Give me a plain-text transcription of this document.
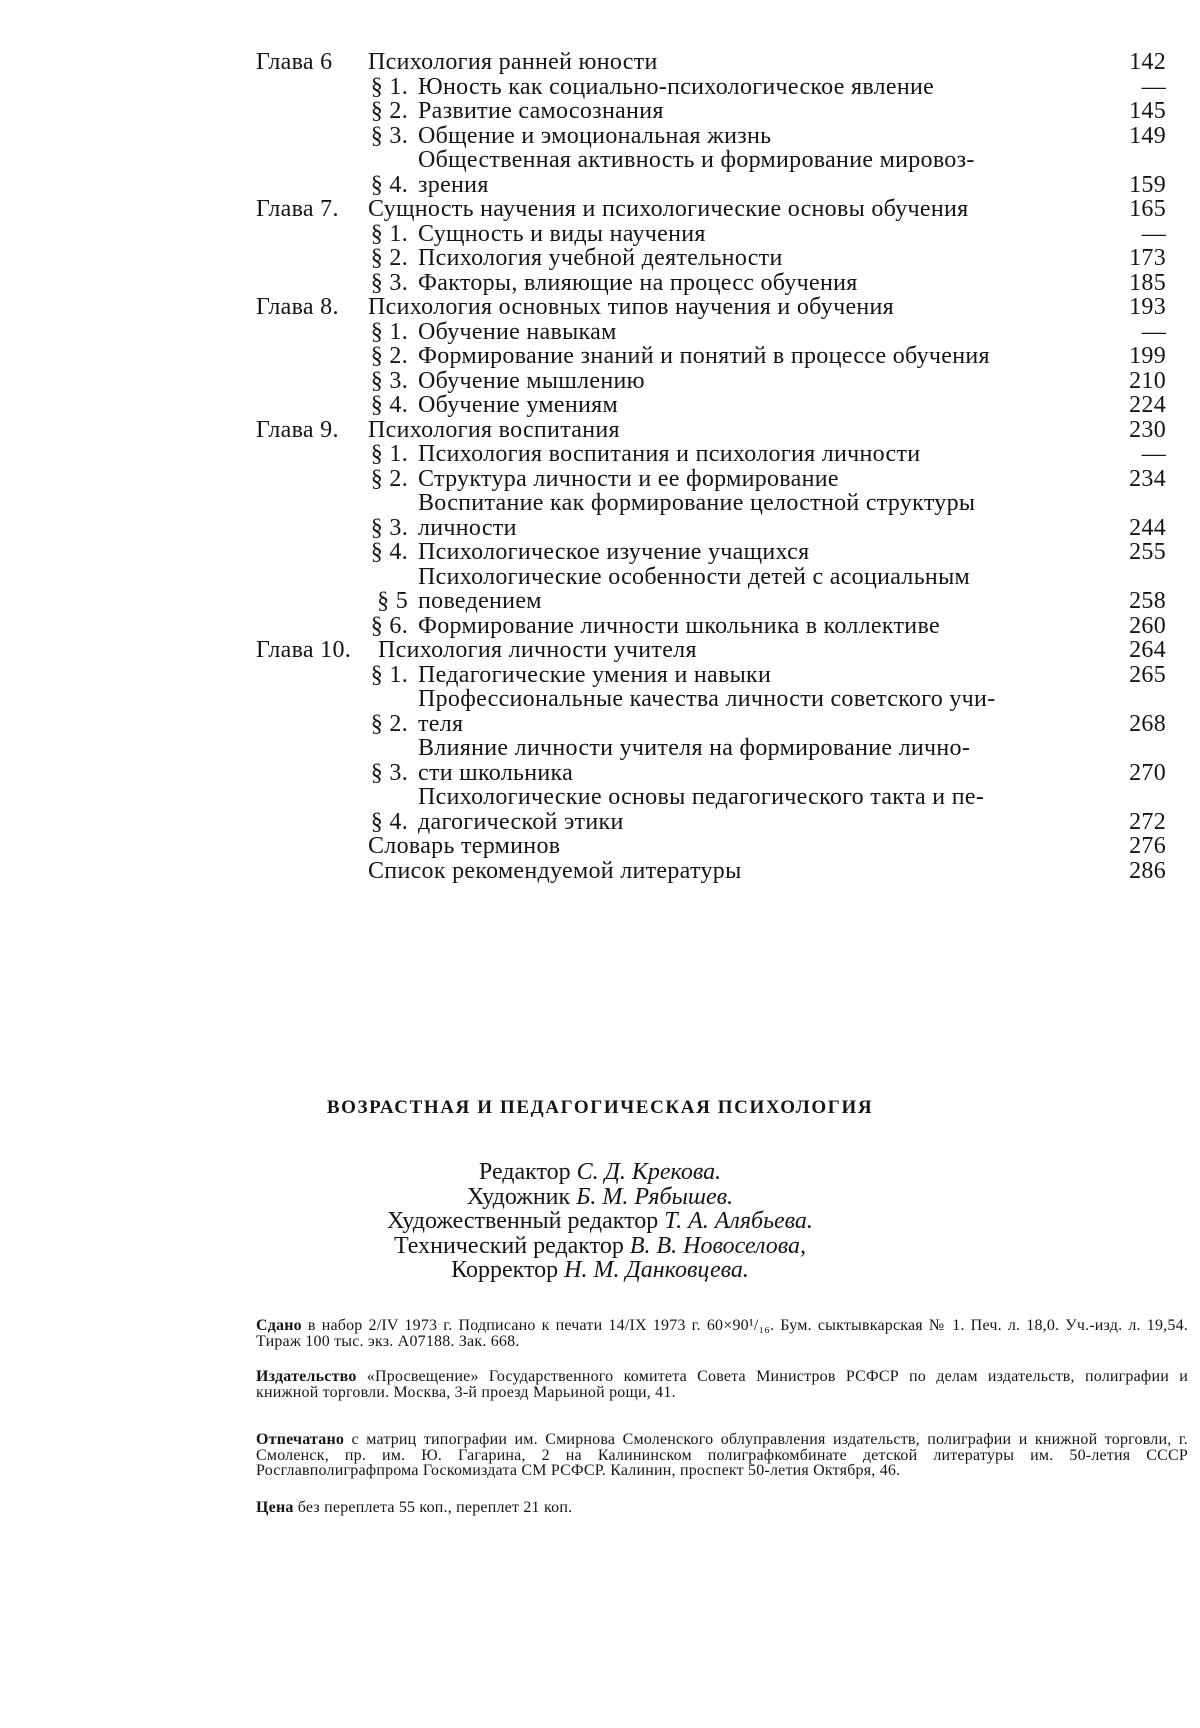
Глава 6	Психология ранней юности	142
§ 1. Юность как социально-психологическое явление	—
§ 2. Развитие самосознания	145
§ 3. Общение и эмоциональная жизнь	149
§ 4.
Общественная активность и формирование мировоз-
зрения	159
Глава 7.	Сущность научения и психологические основы обучения	165
§ 1. Сущность и виды научения	—
§ 2. Психология учебной деятельности	173
§ 3. Факторы, влияющие на процесс обучения	185
Глава 8.	Психология основных типов научения и обучения	193
§ 1. Обучение навыкам	—
§ 2. Формирование знаний и понятий в процессе обучения	199
§ 3. Обучение мышлению	210
§ 4. Обучение умениям	224
Глава 9.	Психология воспитания	230
§ 1. Психология воспитания и психология личности	—
§ 2. Структура личности и ее формирование	234
§ 3.
Воспитание как формирование целостной структуры
личности	244
§ 4. Психологическое изучение учащихся	255
§ 5
Психологические особенности детей с асоциальным
поведением	258
§ 6. Формирование личности школьника в коллективе	260
Глава 10.	Психология личности учителя	264
§ 1. Педагогические умения и навыки	265
§ 2.
Профессиональные качества личности советского учи-
теля	268
§ 3.
Влияние личности учителя на формирование лично-
сти школьника	270
§ 4.
Психологические основы педагогического такта и пе-
дагогической этики	272
Словарь терминов	276
Список рекомендуемой литературы	286
ВОЗРАСТНАЯ И ПЕДАГОГИЧЕСКАЯ ПСИХОЛОГИЯ
Редактор С. Д. Крекова.
Художник Б. М. Рябышев.
Художественный редактор Т. А. Алябьева.
Технический редактор В. В. Новоселова,
Корректор Н. М. Данковцева.
Сдано в набор 2/IV 1973 г. Подписано к печати 14/IX 1973 г. 60×90¹/₁₆. Бум. сыктывкарская № 1. Печ. л. 18,0. Уч.-изд. л. 19,54. Тираж 100 тыс. экз. А07188. Зак. 668.
Издательство «Просвещение» Государственного комитета Совета Министров РСФСР по делам издательств, полиграфии и книжной торговли. Москва, 3-й проезд Марьиной рощи, 41.
Отпечатано с матриц типографии им. Смирнова Смоленского облуправления издательств, полиграфии и книжной торговли, г. Смоленск, пр. им. Ю. Гагарина, 2 на Калининском полиграфкомбинате детской литературы им. 50-летия СССР Росглавполиграфпрома Госкомиздата СМ РСФСР. Калинин, проспект 50-летия Октября, 46.
Цена без переплета 55 коп., переплет 21 коп.
